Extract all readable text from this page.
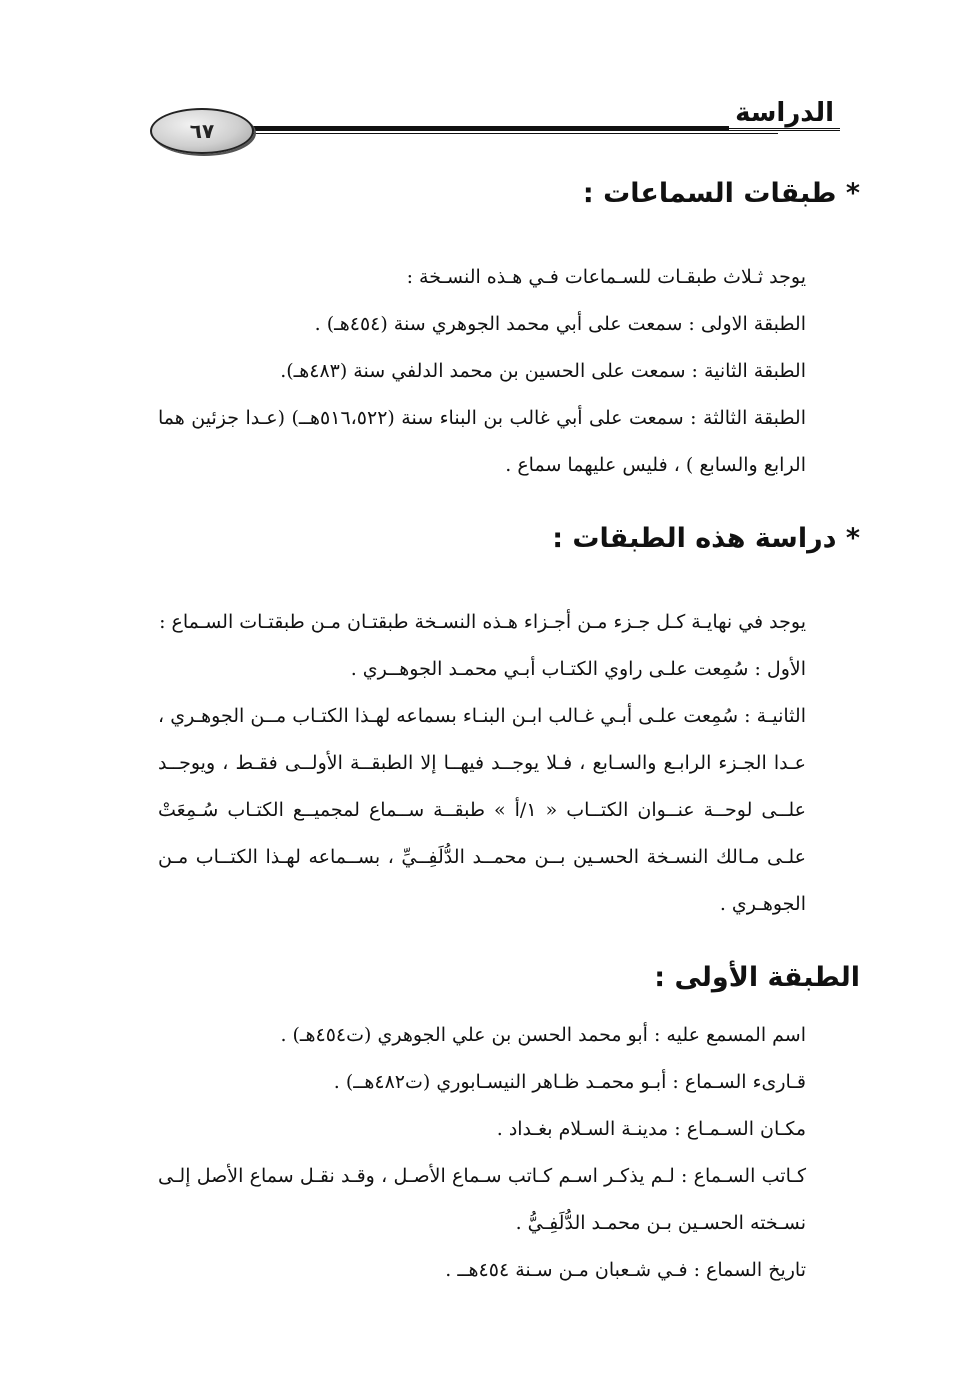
٦٧
الدراسة
* طبقات السماعات :

يوجد ثـلاث طبقـات للسـماعات فـي هـذه النسـخة :

الطبقة الاولى : سمعت على أبي محمد الجوهري سنة (٤٥٤هـ) .

الطبقة الثانية : سمعت على الحسين بن محمد الدلفي سنة (٤٨٣هـ).

الطبقة الثالثة : سمعت على أبي غالب بن البناء سنة (٥١٦،٥٢٢هــ) (عـدا جزئين هما الرابع والسابع ) ، فليس عليهما سماع .

* دراسة هذه الطبقات :

يوجد في نهايـة كـل جـزء مـن أجـزاء هـذه النسـخة طبقتـان مـن طبقتـات السـماع :

الأول : سُمِعت علـى راوي الكتـاب أبـي محمـد الجوهــري .

الثانيـة : سُمِعت علـى أبـي غـالب ابـن البنـاء بسماعه لهـذا الكتـاب مــن الجوهـري ، عـدا الجـزء الرابـع والسـابع ، فـلا يوجــد فيهــا إلا الطبقــة الأولــى فقـط ، ويوجــد علــى لوحــة عنــوان الكتــاب « ١/أ » طبقــة ســماع لمجميــع الكتـاب سُـمِعَتْ علـى مـالك النسـخة الحسـين بــن محمــد الدُّلَفِــيِّ ، بســماعه لهـذا الكتــاب مـن الجوهـري .

الطبقة الأولى :

اسم المسمع عليه : أبو محمد الحسن بن علي الجوهري (ت٤٥٤هـ) .

قـارىء السـماع : أبـو محمـد ظـاهر النيسـابوري (ت٤٨٢هــ) .

مكـان السـمـاع : مدينـة السـلام بغـداد .

كـاتب السـماع : لـم يذكـر اسـم كـاتب سـماع الأصـل ، وقـد نقـل سماع الأصل إلـى نسـخته الحسـين بـن محمـد الدُّلَفِـيُّ .

تاريخ السماع : فـي شـعبان مـن سـنة ٤٥٤هــ .
